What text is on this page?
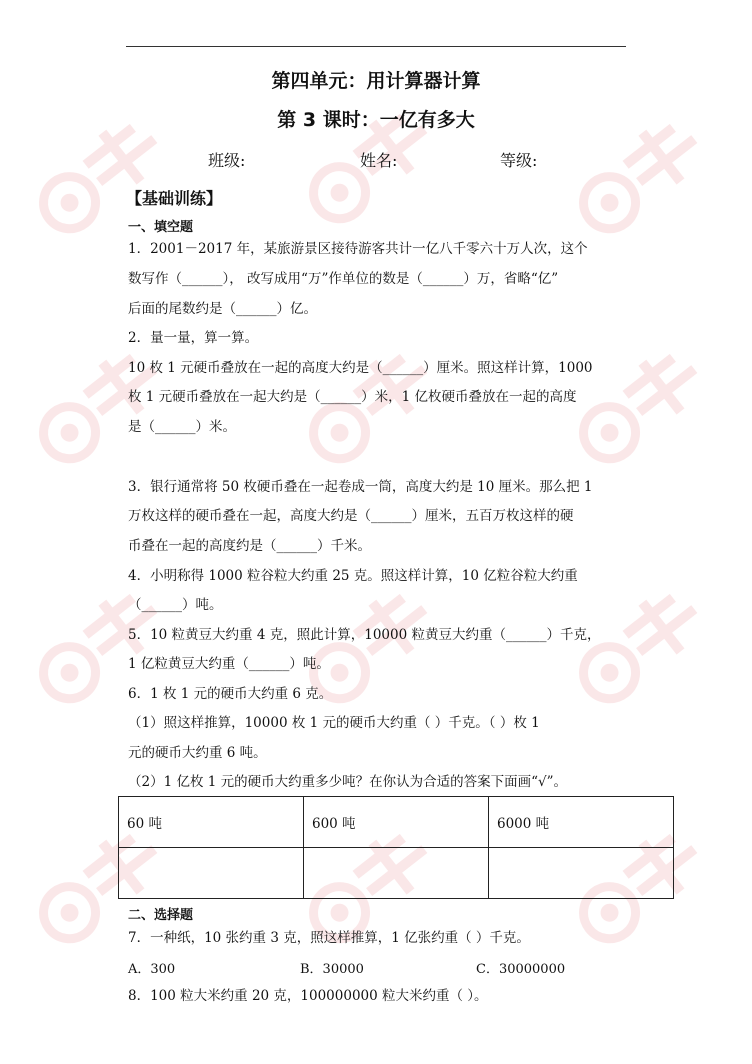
第四单元：用计算器计算
第 3 课时：一亿有多大
班级:	姓名:	等级:
【基础训练】
一、填空题
1．2001－2017 年，某旅游景区接待游客共计一亿八千零六十万人次，这个
数写作（______）， 改写成用“万”作单位的数是（______）万，省略“亿”
后面的尾数约是（______）亿。
2．量一量，算一算。
10 枚 1 元硬币叠放在一起的高度大约是（______）厘米。照这样计算，1000
枚 1 元硬币叠放在一起大约是（______）米，1 亿枚硬币叠放在一起的高度
是（______）米。
3．银行通常将 50 枚硬币叠在一起卷成一筒，高度大约是 10 厘米。那么把 1
万枚这样的硬币叠在一起，高度大约是（______）厘米，五百万枚这样的硬
币叠在一起的高度约是（______）千米。
4．小明称得 1000 粒谷粒大约重 25 克。照这样计算，10 亿粒谷粒大约重
（______）吨。
5．10 粒黄豆大约重 4 克，照此计算，10000 粒黄豆大约重（______）千克，
1 亿粒黄豆大约重（______）吨。
6．1 枚 1 元的硬币大约重 6 克。
（1）照这样推算，10000 枚 1 元的硬币大约重（ ）千克。（ ）枚 1
元的硬币大约重 6 吨。
（2）1 亿枚 1 元的硬币大约重多少吨？在你认为合适的答案下面画“√”。
60 吨	600 吨	6000 吨

二、选择题
7．一种纸，10 张约重 3 克，照这样推算，1 亿张约重（ ）千克。
A．300	B．30000	C．30000000
8．100 粒大米约重 20 克，100000000 粒大米约重（ ）。
